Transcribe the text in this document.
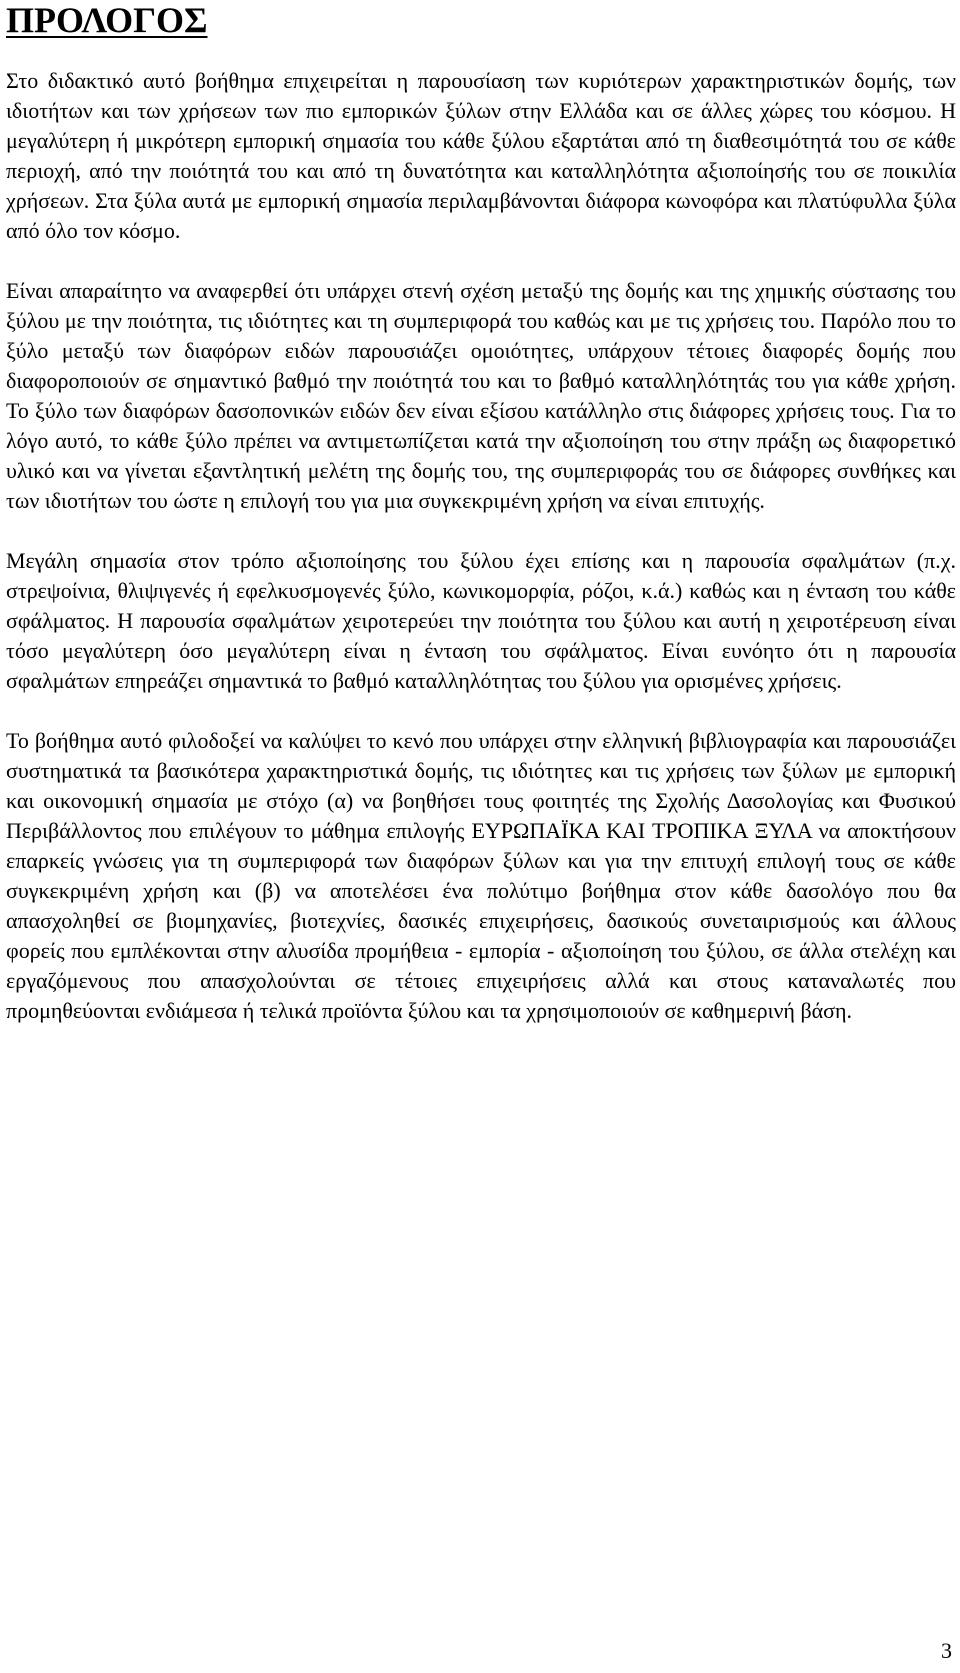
ΠΡΟΛΟΓΟΣ

Στο διδακτικό αυτό βοήθημα επιχειρείται η παρουσίαση των κυριότερων χαρακτηριστικών δομής, των ιδιοτήτων και των χρήσεων των πιο εμπορικών ξύλων στην Ελλάδα και σε άλλες χώρες του κόσμου. Η μεγαλύτερη ή μικρότερη εμπορική σημασία του κάθε ξύλου εξαρτάται από τη διαθεσιμότητά του σε κάθε περιοχή, από την ποιότητά του και από τη δυνατότητα και καταλληλότητα αξιοποίησής του σε ποικιλία χρήσεων. Στα ξύλα αυτά με εμπορική σημασία περιλαμβάνονται διάφορα κωνοφόρα και πλατύφυλλα ξύλα από όλο τον κόσμο.

Είναι απαραίτητο να αναφερθεί ότι υπάρχει στενή σχέση μεταξύ της δομής και της χημικής σύστασης του ξύλου με την ποιότητα, τις ιδιότητες και τη συμπεριφορά του καθώς και με τις χρήσεις του. Παρόλο που το ξύλο μεταξύ των διαφόρων ειδών παρουσιάζει ομοιότητες, υπάρχουν τέτοιες διαφορές δομής που διαφοροποιούν σε σημαντικό βαθμό την ποιότητά του και το βαθμό καταλληλότητάς του για κάθε χρήση. Το ξύλο των διαφόρων δασοπονικών ειδών δεν είναι εξίσου κατάλληλο στις διάφορες χρήσεις τους. Για το λόγο αυτό, το κάθε ξύλο πρέπει να αντιμετωπίζεται κατά την αξιοποίηση του στην πράξη ως διαφορετικό υλικό και να γίνεται εξαντλητική μελέτη της δομής του, της συμπεριφοράς του σε διάφορες συνθήκες και των ιδιοτήτων του ώστε η επιλογή του για μια συγκεκριμένη χρήση να είναι επιτυχής.

Μεγάλη σημασία στον τρόπο αξιοποίησης του ξύλου έχει επίσης και η παρουσία σφαλμάτων (π.χ. στρεψοίνια, θλιψιγενές ή εφελκυσμογενές ξύλο, κωνικομορφία, ρόζοι, κ.ά.) καθώς και η ένταση του κάθε σφάλματος. Η παρουσία σφαλμάτων χειροτερεύει την ποιότητα του ξύλου και αυτή η χειροτέρευση είναι τόσο μεγαλύτερη όσο μεγαλύτερη είναι η ένταση του σφάλματος. Είναι ευνόητο ότι η παρουσία σφαλμάτων επηρεάζει σημαντικά το βαθμό καταλληλότητας του ξύλου για ορισμένες χρήσεις.

Το βοήθημα αυτό φιλοδοξεί να καλύψει το κενό που υπάρχει στην ελληνική βιβλιογραφία και παρουσιάζει συστηματικά τα βασικότερα χαρακτηριστικά δομής, τις ιδιότητες και τις χρήσεις των ξύλων με εμπορική και οικονομική σημασία με στόχο (α) να βοηθήσει τους φοιτητές της Σχολής Δασολογίας και Φυσικού Περιβάλλοντος που επιλέγουν το μάθημα επιλογής ΕΥΡΩΠΑΪΚΑ ΚΑΙ ΤΡΟΠΙΚΑ ΞΥΛΑ να αποκτήσουν επαρκείς γνώσεις για τη συμπεριφορά των διαφόρων ξύλων και για την επιτυχή επιλογή τους σε κάθε συγκεκριμένη χρήση και (β) να αποτελέσει ένα πολύτιμο βοήθημα στον κάθε δασολόγο που θα απασχοληθεί σε βιομηχανίες, βιοτεχνίες, δασικές επιχειρήσεις, δασικούς συνεταιρισμούς και άλλους φορείς που εμπλέκονται στην αλυσίδα προμήθεια - εμπορία - αξιοποίηση του ξύλου, σε άλλα στελέχη και εργαζόμενους που απασχολούνται σε τέτοιες επιχειρήσεις αλλά και στους καταναλωτές που προμηθεύονται ενδιάμεσα ή τελικά προϊόντα ξύλου και τα χρησιμοποιούν σε καθημερινή βάση.

3
